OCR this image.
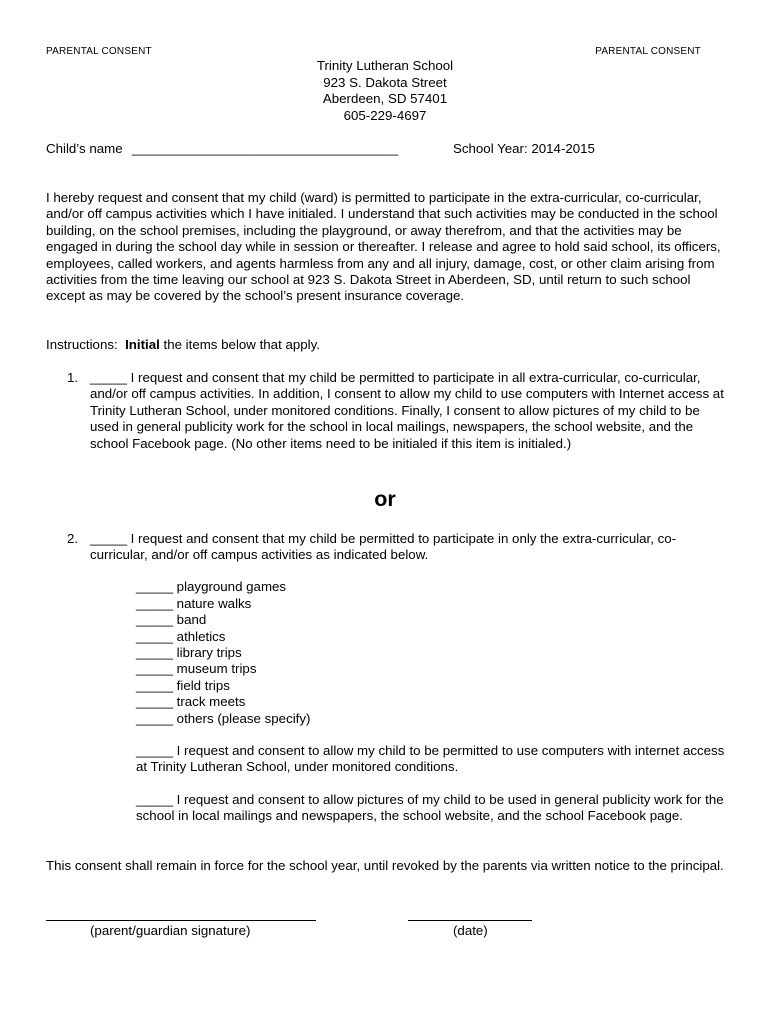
PARENTAL CONSENT	PARENTAL CONSENT
Trinity Lutheran School
923 S. Dakota Street
Aberdeen, SD 57401
605-229-4697
Child’s name ____________________________________	School Year: 2014-2015
I hereby request and consent that my child (ward) is permitted to participate in the extra-curricular, co-curricular, and/or off campus activities which I have initialed. I understand that such activities may be conducted in the school building, on the school premises, including the playground, or away therefrom, and that the activities may be engaged in during the school day while in session or thereafter. I release and agree to hold said school, its officers, employees, called workers, and agents harmless from any and all injury, damage, cost, or other claim arising from activities from the time leaving our school at 923 S. Dakota Street in Aberdeen, SD, until return to such school except as may be covered by the school’s present insurance coverage.
Instructions:  Initial the items below that apply.
1. _____ I request and consent that my child be permitted to participate in all extra-curricular, co-curricular, and/or off campus activities. In addition, I consent to allow my child to use computers with Internet access at Trinity Lutheran School, under monitored conditions. Finally, I consent to allow pictures of my child to be used in general publicity work for the school in local mailings, newspapers, the school website, and the school Facebook page. (No other items need to be initialed if this item is initialed.)
or
2. _____ I request and consent that my child be permitted to participate in only the extra-curricular, co-curricular, and/or off campus activities as indicated below.
_____ playground games
_____ nature walks
_____ band
_____ athletics
_____ library trips
_____ museum trips
_____ field trips
_____ track meets
_____ others (please specify)
_____ I request and consent to allow my child to be permitted to use computers with internet access at Trinity Lutheran School, under monitored conditions.
_____ I request and consent to allow pictures of my child to be used in general publicity work for the school in local mailings and newspapers, the school website, and the school Facebook page.
This consent shall remain in force for the school year, until revoked by the parents via written notice to the principal.
(parent/guardian signature)	(date)
